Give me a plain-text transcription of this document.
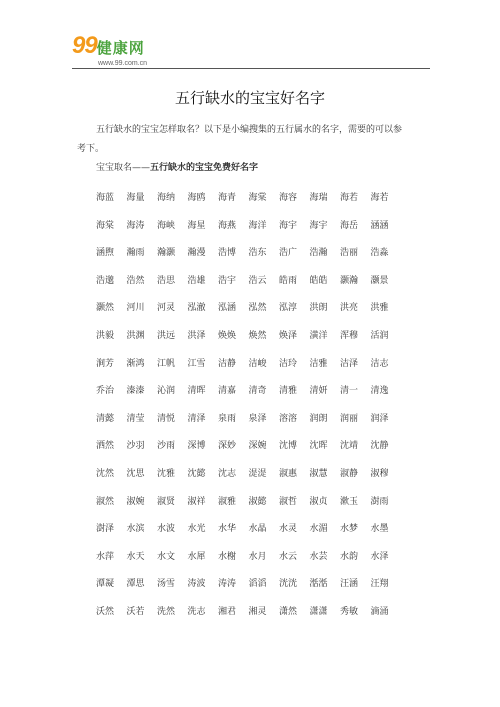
99健康网
www.99.com.cn
五行缺水的宝宝好名字
五行缺水的宝宝怎样取名？以下是小编搜集的五行属水的名字，需要的可以参考下。
宝宝取名——五行缺水的宝宝免费好名字
海蓝	海量	海纳	海鸥	海青	海棠	海容	海瑞	海若	海若
海棠	海涛	海峡	海星	海燕	海洋	海宇	海宇	海岳	涵涵
涵煦	瀚雨	瀚灏	瀚漫	浩博	浩东	浩广	浩瀚	浩丽	浩淼
浩邈	浩然	浩思	浩雄	浩宇	浩云	皓雨	皓皓	灏瀚	灏景
灏然	河川	河灵	泓澈	泓涵	泓然	泓淳	洪朗	洪亮	洪雅
洪毅	洪渊	洪远	洪泽	焕焕	焕然	焕泽	潢洋	浑穆	活润
涧芳	渐鸿	江帆	江雪	洁静	洁峻	洁玲	洁雅	洁泽	洁志
乔治	溱溱	沁润	清晖	清嘉	清奇	清雅	清妍	清一	清逸
清懿	清莹	清悦	清泽	泉雨	泉泽	溶溶	润朗	润丽	润泽
洒然	沙羽	沙雨	深博	深妙	深婉	沈博	沈晖	沈靖	沈静
沈然	沈思	沈雅	沈懿	沈志	湜湜	淑惠	淑慧	淑静	淑穆
淑然	淑婉	淑贤	淑祥	淑雅	淑懿	淑哲	淑贞	漱玉	澍雨
澍泽	水滨	水波	水光	水华	水晶	水灵	水湄	水梦	水墨
水萍	水天	水文	水犀	水榭	水月	水云	水芸	水韵	水泽
潭凝	潭思	汤雪	涛波	涛涛	滔滔	洸洸	湉湉	汪涵	汪翔
沃然	沃若	洗然	洗志	湘君	湘灵	潇然	潇潇	秀敏	滴涌
